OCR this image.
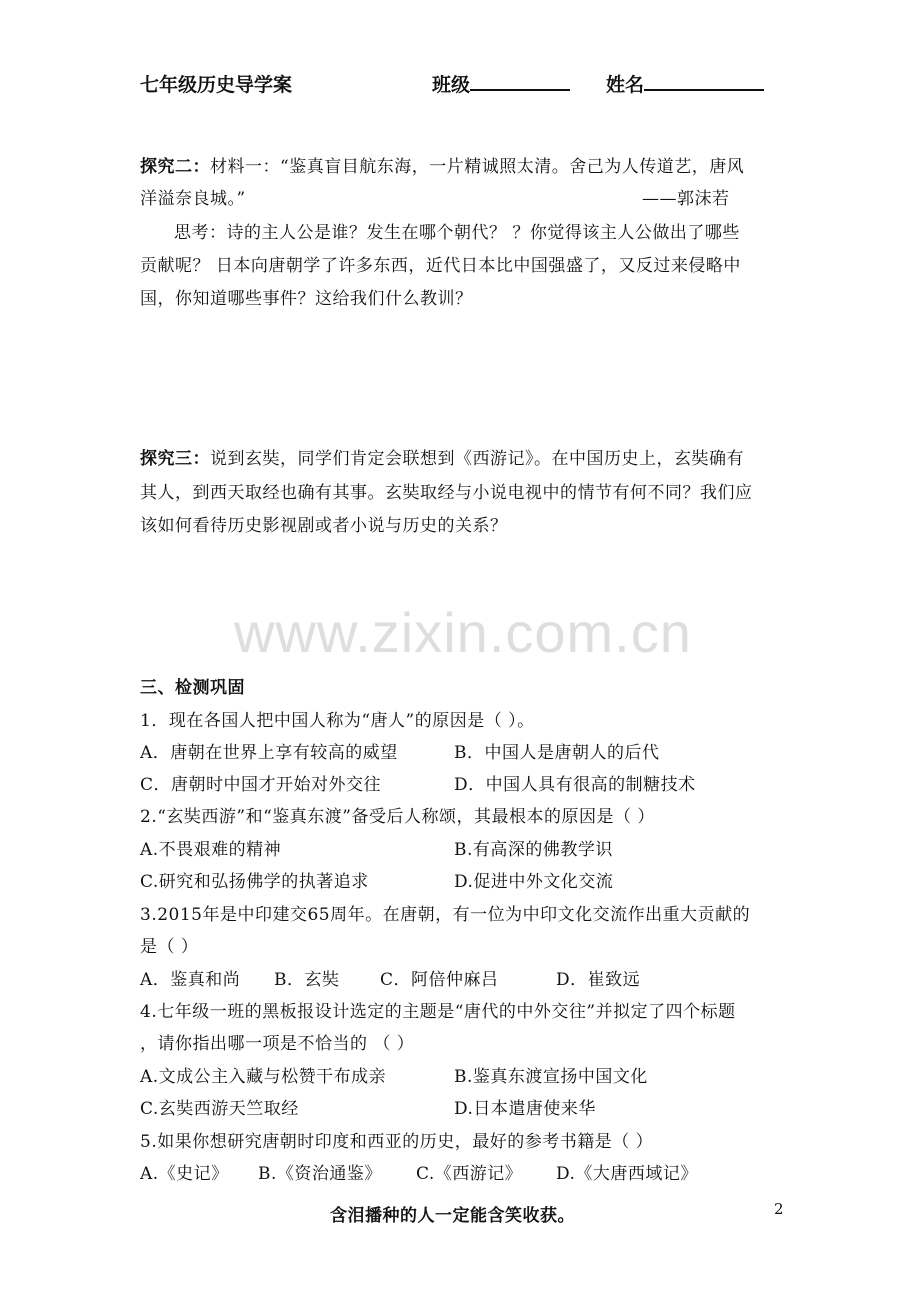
七年级历史导学案	班级	姓名
探究二：材料一：“鉴真盲目航东海，一片精诚照太清。舍己为人传道艺，唐风
洋溢奈良城。”	——郭沫若
思考：诗的主人公是谁？发生在哪个朝代？ ？你觉得该主人公做出了哪些
贡献呢？ 日本向唐朝学了许多东西，近代日本比中国强盛了，又反过来侵略中
国，你知道哪些事件？这给我们什么教训？
探究三：说到玄奘，同学们肯定会联想到《西游记》。在中国历史上，玄奘确有
其人，到西天取经也确有其事。玄奘取经与小说电视中的情节有何不同？我们应
该如何看待历史影视剧或者小说与历史的关系？
www.zixin.com.cn
三、检测巩固
1．现在各国人把中国人称为“唐人”的原因是（ ）。
A．唐朝在世界上享有较高的威望	B．中国人是唐朝人的后代
C．唐朝时中国才开始对外交往	D．中国人具有很高的制糖技术
2.“玄奘西游”和“鉴真东渡”备受后人称颂，其最根本的原因是（ ）
A.不畏艰难的精神	B.有高深的佛教学识
C.研究和弘扬佛学的执著追求	D.促进中外文化交流
3.2015年是中印建交65周年。在唐朝，有一位为中印文化交流作出重大贡献的
是（ ）
A．鉴真和尚 B．玄奘 C．阿倍仲麻吕	D．崔致远
4.七年级一班的黑板报设计选定的主题是“唐代的中外交往”并拟定了四个标题
，请你指出哪一项是不恰当的 （ ）
A.文成公主入藏与松赞干布成亲	B.鉴真东渡宣扬中国文化
C.玄奘西游天竺取经	D.日本遣唐使来华
5.如果你想研究唐朝时印度和西亚的历史，最好的参考书籍是（ ）
A.《史记》 B.《资治通鉴》 C.《西游记》 D.《大唐西域记》
含泪播种的人一定能含笑收获。	2
